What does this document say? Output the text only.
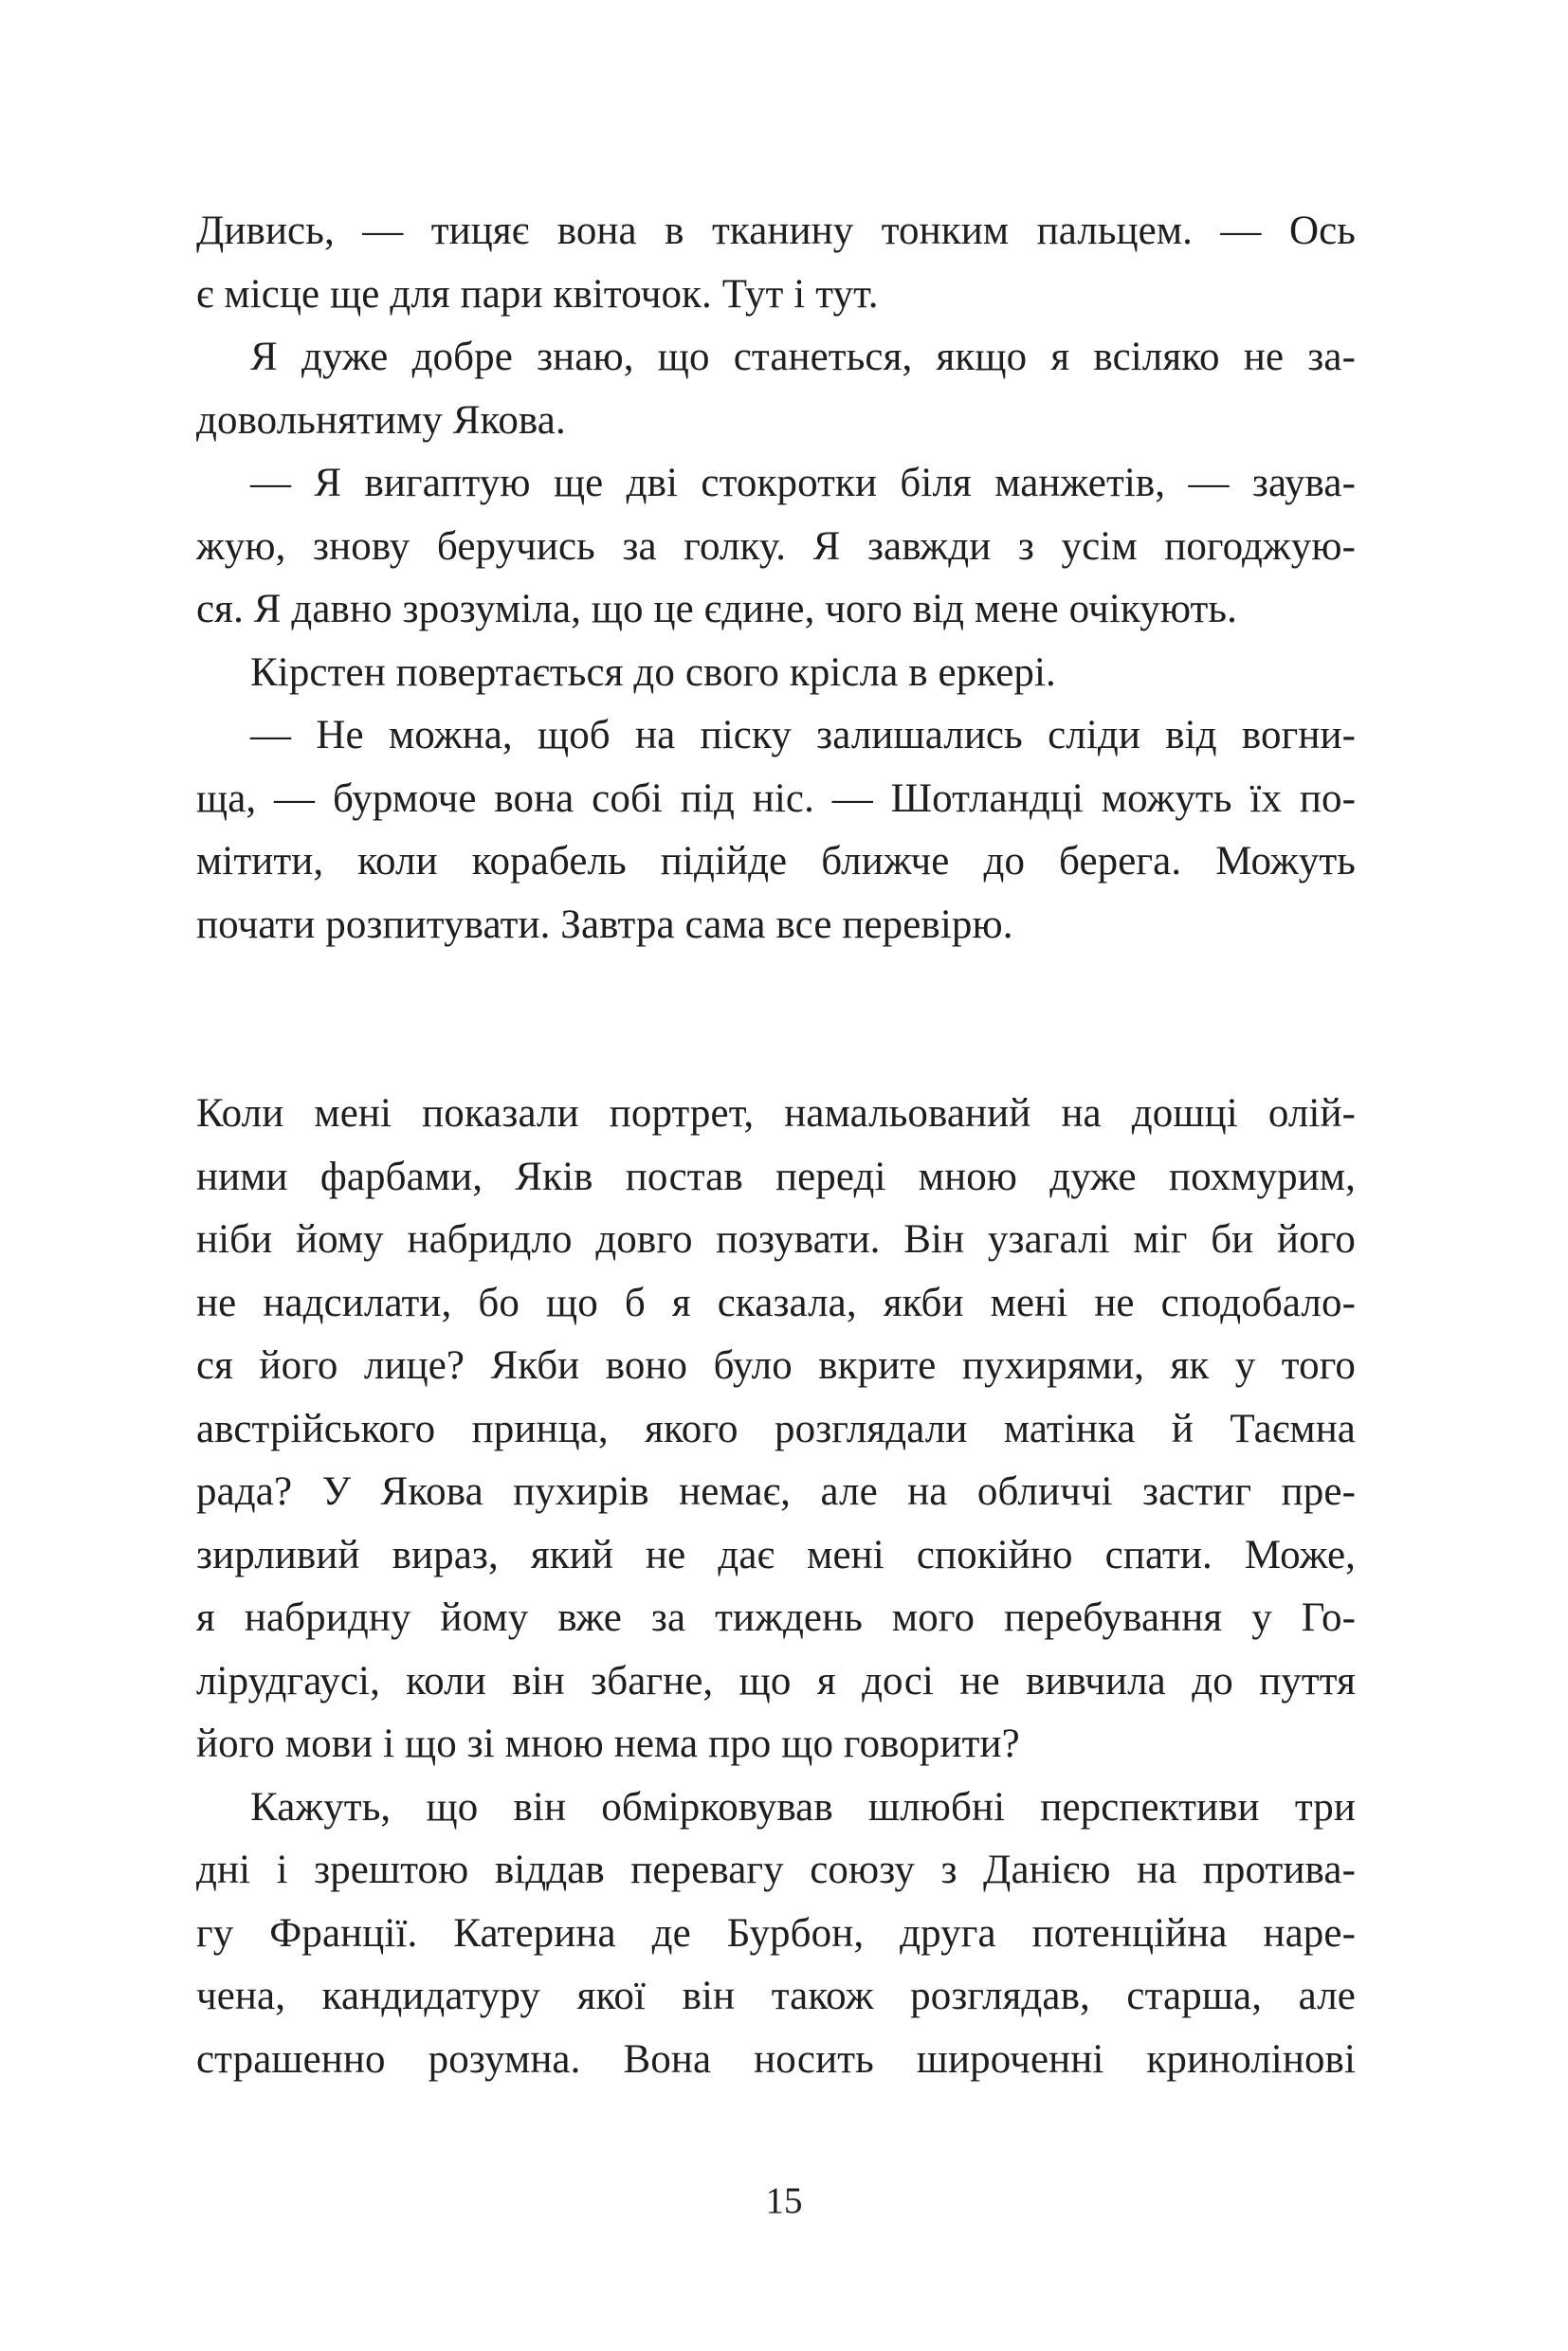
Дивись, — тицяє вона в тканину тонким пальцем. — Ось
є місце ще для пари квіточок. Тут і тут.
Я дуже добре знаю, що станеться, якщо я всіляко не за-
довольнятиму Якова.
— Я вигаптую ще дві стокротки біля манжетів, — заува-
жую, знову беручись за голку. Я завжди з усім погоджую-
ся. Я давно зрозуміла, що це єдине, чого від мене очікують.
Кірстен повертається до свого крісла в еркері.
— Не можна, щоб на піску залишались сліди від вогни-
ща, — бурмоче вона собі під ніс. — Шотландці можуть їх по-
мітити, коли корабель підійде ближче до берега. Можуть
почати розпитувати. Завтра сама все перевірю.
Коли мені показали портрет, намальований на дошці олій-
ними фарбами, Яків постав переді мною дуже похмурим,
ніби йому набридло довго позувати. Він узагалі міг би його
не надсилати, бо що б я сказала, якби мені не сподобало-
ся його лице? Якби воно було вкрите пухирями, як у того
австрійського принца, якого розглядали матінка й Таємна
рада? У Якова пухирів немає, але на обличчі застиг пре-
зирливий вираз, який не дає мені спокійно спати. Може,
я набридну йому вже за тиждень мого перебування у Го-
лірудгаусі, коли він збагне, що я досі не вивчила до пуття
його мови і що зі мною нема про що говорити?
Кажуть, що він обмірковував шлюбні перспективи три
дні і зрештою віддав перевагу союзу з Данією на протива-
гу Франції. Катерина де Бурбон, друга потенційна наре-
чена, кандидатуру якої він також розглядав, старша, але
страшенно розумна. Вона носить широченні кринолінові
15
